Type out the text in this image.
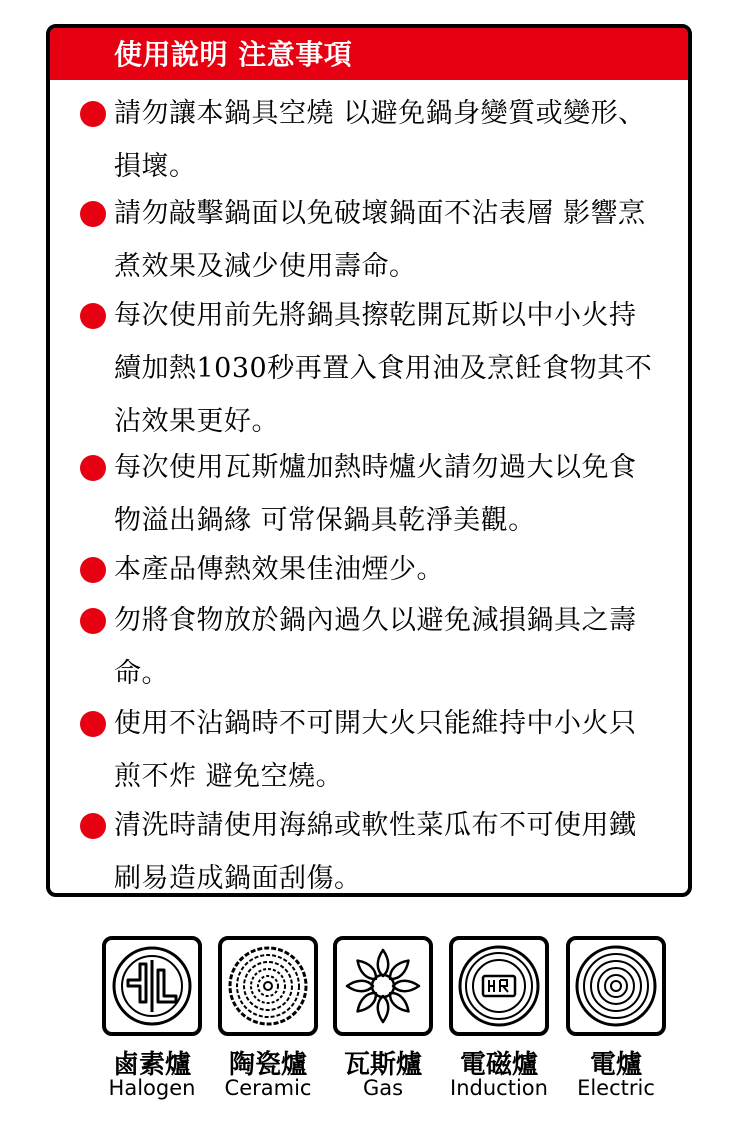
使用說明 注意事項
請勿讓本鍋具空燒 以避免鍋身變質或變形、
損壞。
請勿敲擊鍋面以免破壞鍋面不沾表層 影響烹
煮效果及減少使用壽命。
每次使用前先將鍋具擦乾開瓦斯以中小火持
續加熱1030秒再置入食用油及烹飪食物其不
沾效果更好。
每次使用瓦斯爐加熱時爐火請勿過大以免食
物溢出鍋緣 可常保鍋具乾淨美觀。
本產品傳熱效果佳油煙少。
勿將食物放於鍋內過久以避免減損鍋具之壽
命。
使用不沾鍋時不可開大火只能維持中小火只
煎不炸 避免空燒。
清洗時請使用海綿或軟性菜瓜布不可使用鐵
刷易造成鍋面刮傷。
鹵素爐
Halogen
陶瓷爐
Ceramic
瓦斯爐
Gas
電磁爐
Induction
電爐
Electric
